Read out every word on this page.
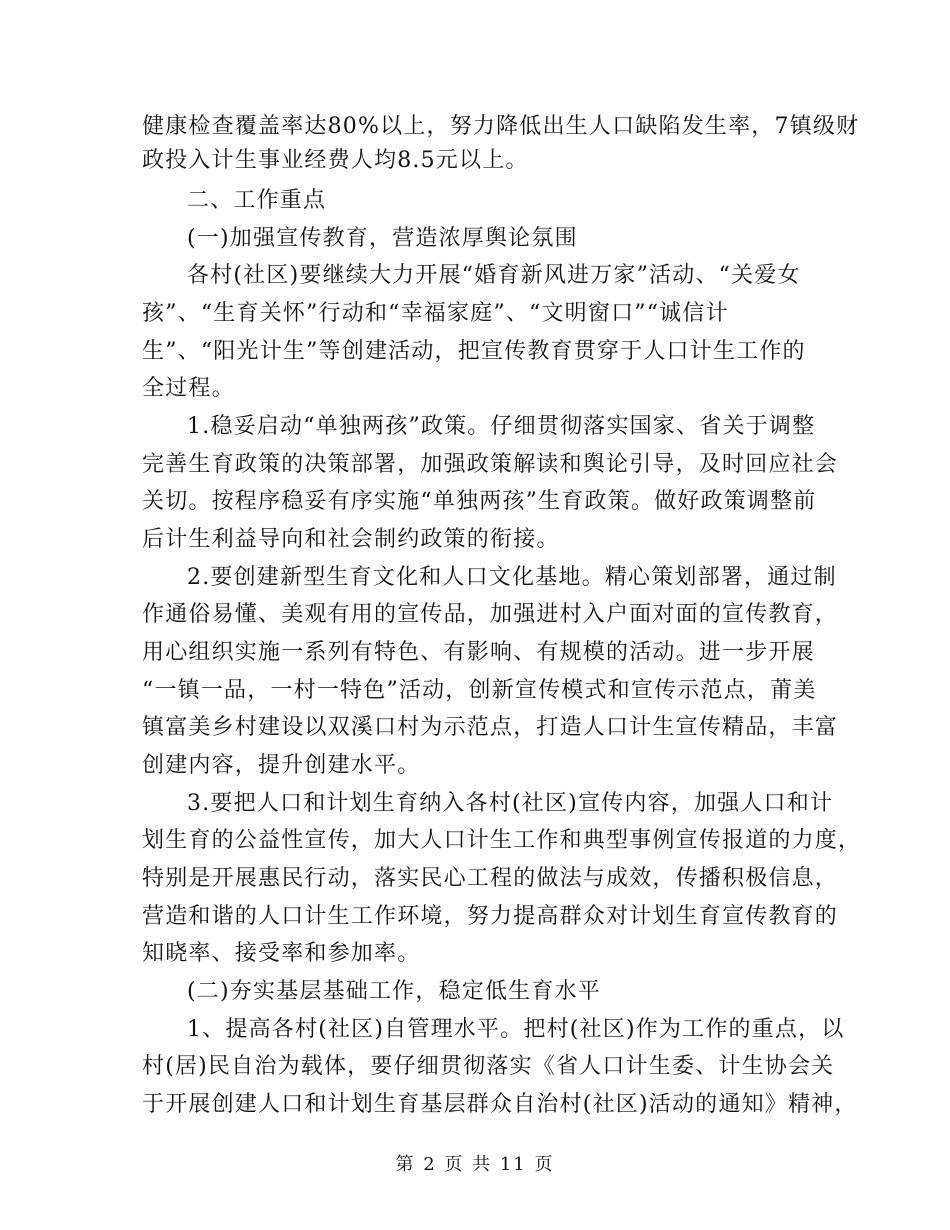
健康检查覆盖率达80%以上，努力降低出生人口缺陷发生率，7镇级财
政投入计生事业经费人均8.5元以上。
二、工作重点
(一)加强宣传教育，营造浓厚舆论氛围
各村(社区)要继续大力开展“婚育新风进万家”活动、“关爱女
孩”、“生育关怀”行动和“幸福家庭”、“文明窗口”“诚信计
生”、“阳光计生”等创建活动，把宣传教育贯穿于人口计生工作的
全过程。
1.稳妥启动“单独两孩”政策。仔细贯彻落实国家、省关于调整
完善生育政策的决策部署，加强政策解读和舆论引导，及时回应社会
关切。按程序稳妥有序实施“单独两孩”生育政策。做好政策调整前
后计生利益导向和社会制约政策的衔接。
2.要创建新型生育文化和人口文化基地。精心策划部署，通过制
作通俗易懂、美观有用的宣传品，加强进村入户面对面的宣传教育，
用心组织实施一系列有特色、有影响、有规模的活动。进一步开展
“一镇一品，一村一特色”活动，创新宣传模式和宣传示范点，莆美
镇富美乡村建设以双溪口村为示范点，打造人口计生宣传精品，丰富
创建内容，提升创建水平。
3.要把人口和计划生育纳入各村(社区)宣传内容，加强人口和计
划生育的公益性宣传，加大人口计生工作和典型事例宣传报道的力度，
特别是开展惠民行动，落实民心工程的做法与成效，传播积极信息，
营造和谐的人口计生工作环境，努力提高群众对计划生育宣传教育的
知晓率、接受率和参加率。
(二)夯实基层基础工作，稳定低生育水平
1、提高各村(社区)自管理水平。把村(社区)作为工作的重点，以
村(居)民自治为载体，要仔细贯彻落实《省人口计生委、计生协会关
于开展创建人口和计划生育基层群众自治村(社区)活动的通知》精神，
第 2 页 共 11 页
